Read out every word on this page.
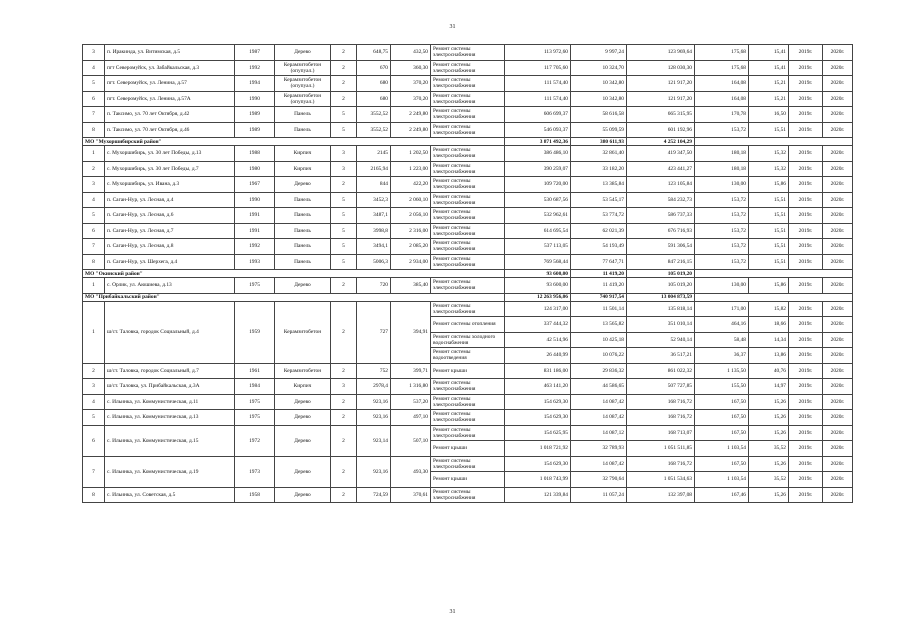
31
3	п. Иракинда, ул. Витимская, д.5	1987	Дерево	2	648,75	432,50	Ремонт системы электроснабжения	113 972,60	9 997,24	123 969,64	175,68	15,41	2019г.	2020г.
4	пгт Северомуйск, ул. Забайкальская, д.3	1992	Керамзитобетон (опупуал.)	2	670	360,30	Ремонт системы электроснабжения	117 705,60	10 324,70	128 030,30	175,68	15,41	2019г.	2020г.
5	пгт. Северомуйск, ул. Ленина, д.57	1994	Керамзитобетон (опупуал.)	2	680	370,20	Ремонт системы электроснабжения	111 574,40	10 342,80	121 917,20	164,08	15,21	2019г.	2020г.
6	пгт. Северомуйск, ул. Ленина, д.57А	1990	Керамзитобетон (опупуал.)	2	680	370,20	Ремонт системы электроснабжения	111 574,40	10 342,80	121 917,20	164,08	15,21	2019г.	2020г.
7	п. Таксимо, ул. 70 лет Октября, д.42	1989	Панель	5	3552,52	2 249,80	Ремонт системы электроснабжения	606 699,37	58 616,58	665 315,95	170,78	16,50	2019г.	2020г.
8	п. Таксимо, ул. 70 лет Октября, д.46	1989	Панель	5	3552,52	2 249,80	Ремонт системы электроснабжения	546 093,37	55 099,59	601 192,96	153,72	15,51	2019г.	2020г.
МО "Мухоршибирский район"								3 871 492,36	380 611,93	4 252 104,29				
1	с. Мухоршибирь, ул. 30 лет Победы, д.13	1988	Кирпич	3	2145	1 202,50	Ремонт системы электроснабжения	386 486,10	32 861,40	419 347,50	180,18	15,32	2019г.	2020г.
2	с. Мухоршибирь, ул. 30 лет Победы, д.7	1980	Кирпич	3	2165,94	1 223,00	Ремонт системы электроснабжения	390 259,07	33 182,20	423 441,27	180,18	15,32	2019г.	2020г.
3	с. Мухоршибирь, ул. Ивана, д.3	1967	Дерево	2	844	422,20	Ремонт системы электроснабжения	109 720,00	13 385,84	123 105,84	130,00	15,86	2019г.	2020г.
4	п. Саган-Нур, ул. Лесная, д.4	1990	Панель	5	3452,3	2 060,10	Ремонт системы электроснабжения	530 687,56	53 545,17	584 232,73	153,72	15,51	2019г.	2020г.
5	п. Саган-Нур, ул. Лесная, д.6	1991	Панель	5	3487,1	2 056,10	Ремонт системы электроснабжения	532 962,61	53 774,72	586 737,33	153,72	15,51	2019г.	2020г.
6	п. Саган-Нур, ул. Лесная, д.7	1991	Панель	5	3998,8	2 316,00	Ремонт системы электроснабжения	614 695,54	62 021,39	676 716,93	153,72	15,51	2019г.	2020г.
7	п. Саган-Нур, ул. Лесная, д.8	1992	Панель	5	3494,1	2 085,20	Ремонт системы электроснабжения	537 113,05	54 193,49	591 306,54	153,72	15,51	2019г.	2020г.
8	п. Саган-Нур, ул. Шерхега, д.4	1993	Панель	5	5006,3	2 934,00	Ремонт системы электроснабжения	769 568,44	77 647,71	847 216,15	153,72	15,51	2019г.	2020г.
МО "Окинский район"								93 600,00	11 419,20	105 019,20				
1	с. Орлик, ул. Аюшиева, д.13	1975	Дерево	2	720	385,40	Ремонт системы электроснабжения	93 600,00	11 419,20	105 019,20	130,00	15,86	2019г.	2020г.
МО "Прибайкальский район"								12 263 956,06	740 917,54	13 004 873,59				
1	ш/ст. Таловка, городок Социальный, д.4	1959	Керамзитобетон	2	727	394,91	Ремонт системы электроснабжения	124 317,00	11 501,14	135 818,14	171,00	15,82	2019г.	2020г.
							Ремонт системы отопления	337 444,32	13 565,82	351 010,14	464,16	18,66	2019г.	2020г.
							Ремонт системы холодного водоснабжения	42 514,96	10 425,18	52 940,14	58,48	14,34	2019г.	2020г.
							Ремонт системы водоотведения	26 440,99	10 076,22	36 517,21	36,37	13,86	2019г.	2020г.
2	ш/ст. Таловка, городок Социальный, д.7	1961	Керамзитобетон	2	752	399,71	Ремонт крыши	831 186,00	29 836,32	861 022,32	1 135,50	40,76	2019г.	2020г.
3	ш/ст. Таловка, ул. Прибайкальская, д.3А	1984	Кирпич	3	2978,4	1 316,80	Ремонт системы электроснабжения	463 141,20	44 586,65	507 727,85	155,50	14,97	2019г.	2020г.
4	с. Ильинка, ул. Коммунистическая, д.11	1975	Дерево	2	923,16	537,20	Ремонт системы электроснабжения	154 629,30	14 087,42	168 716,72	167,50	15,26	2019г.	2020г.
5	с. Ильинка, ул. Коммунистическая, д.13	1975	Дерево	2	923,16	497,10	Ремонт системы электроснабжения	154 629,30	14 087,42	168 716,72	167,50	15,26	2019г.	2020г.
6	с. Ильинка, ул. Коммунистическая, д.15	1972	Дерево	2	923,14	507,10	Ремонт системы электроснабжения	154 625,95	14 087,12	168 713,07	167,50	15,26	2019г.	2020г.
							Ремонт крыши	1 018 721,92	32 789,93	1 051 511,85	1 103,54	35,52	2019г.	2020г.
7	с. Ильинка, ул. Коммунистическая, д.19	1973	Дерево	2	923,16	493,30	Ремонт системы электроснабжения	154 629,30	14 087,42	168 716,72	167,50	15,26	2019г.	2020г.
							Ремонт крыши	1 018 743,99	32 790,64	1 051 534,63	1 103,54	35,52	2019г.	2020г.
8	с. Ильинка, ул. Советская, д.5	1958	Дерево	2	724,59	370,61	Ремонт системы электроснабжения	121 339,84	11 057,24	132 397,08	167,46	15,26	2019г.	2020г.
31
